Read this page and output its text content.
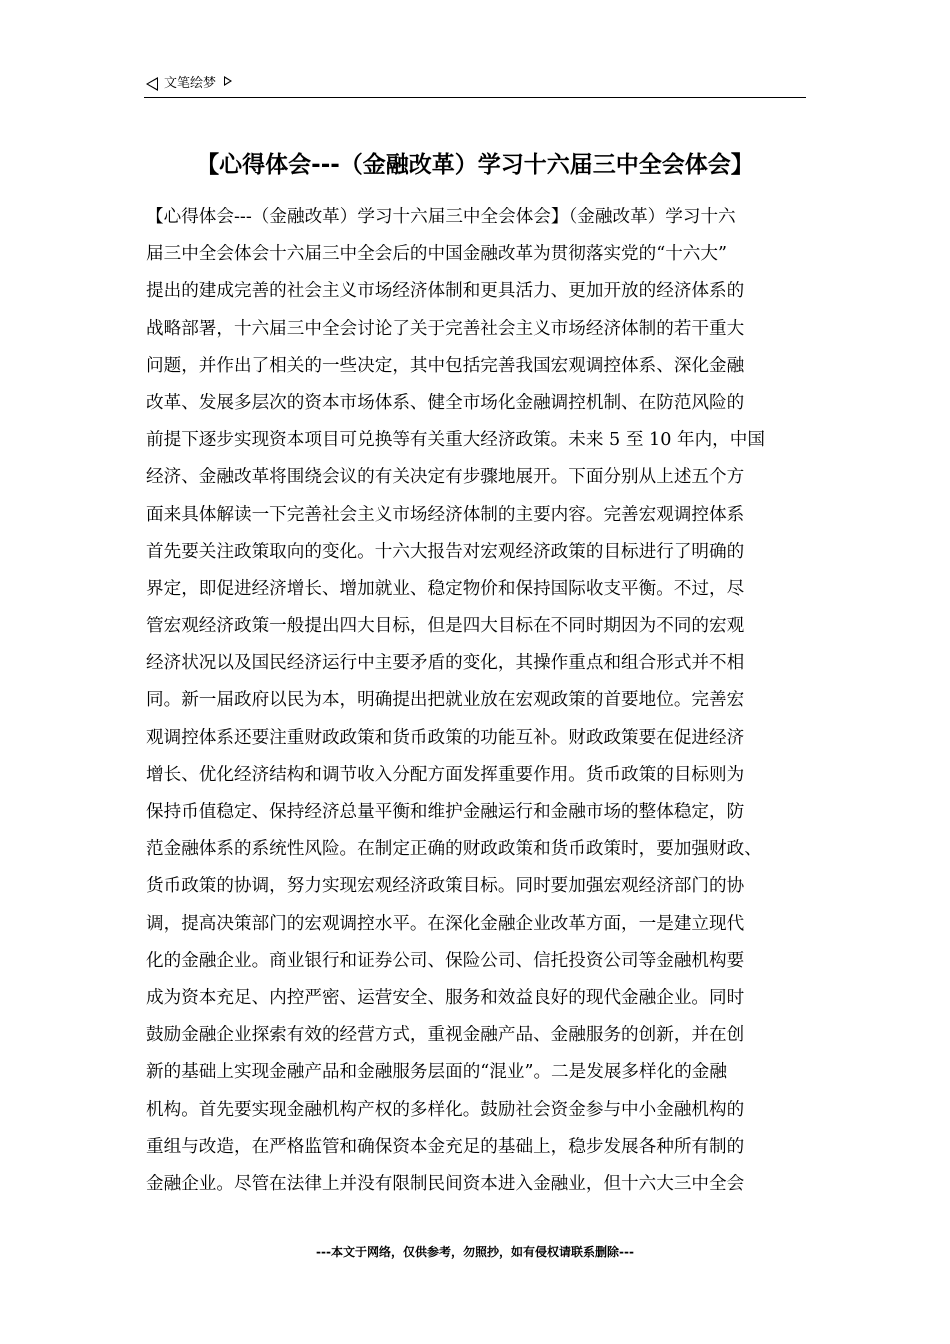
文笔绘梦
【心得体会---（金融改革）学习十六届三中全会体会】
【心得体会---（金融改革）学习十六届三中全会体会】（金融改革）学习十六
届三中全会体会十六届三中全会后的中国金融改革为贯彻落实党的“十六大”
提出的建成完善的社会主义市场经济体制和更具活力、更加开放的经济体系的
战略部署，十六届三中全会讨论了关于完善社会主义市场经济体制的若干重大
问题，并作出了相关的一些决定，其中包括完善我国宏观调控体系、深化金融
改革、发展多层次的资本市场体系、健全市场化金融调控机制、在防范风险的
前提下逐步实现资本项目可兑换等有关重大经济政策。未来 5 至 10 年内，中国
经济、金融改革将围绕会议的有关决定有步骤地展开。下面分别从上述五个方
面来具体解读一下完善社会主义市场经济体制的主要内容。完善宏观调控体系
首先要关注政策取向的变化。十六大报告对宏观经济政策的目标进行了明确的
界定，即促进经济增长、增加就业、稳定物价和保持国际收支平衡。不过，尽
管宏观经济政策一般提出四大目标，但是四大目标在不同时期因为不同的宏观
经济状况以及国民经济运行中主要矛盾的变化，其操作重点和组合形式并不相
同。新一届政府以民为本，明确提出把就业放在宏观政策的首要地位。完善宏
观调控体系还要注重财政政策和货币政策的功能互补。财政政策要在促进经济
增长、优化经济结构和调节收入分配方面发挥重要作用。货币政策的目标则为
保持币值稳定、保持经济总量平衡和维护金融运行和金融市场的整体稳定，防
范金融体系的系统性风险。在制定正确的财政政策和货币政策时，要加强财政、
货币政策的协调，努力实现宏观经济政策目标。同时要加强宏观经济部门的协
调，提高决策部门的宏观调控水平。在深化金融企业改革方面，一是建立现代
化的金融企业。商业银行和证券公司、保险公司、信托投资公司等金融机构要
成为资本充足、内控严密、运营安全、服务和效益良好的现代金融企业。同时
鼓励金融企业探索有效的经营方式，重视金融产品、金融服务的创新，并在创
新的基础上实现金融产品和金融服务层面的“混业”。二是发展多样化的金融
机构。首先要实现金融机构产权的多样化。鼓励社会资金参与中小金融机构的
重组与改造，在严格监管和确保资本金充足的基础上，稳步发展各种所有制的
金融企业。尽管在法律上并没有限制民间资本进入金融业，但十六大三中全会
---本文于网络，仅供参考，勿照抄，如有侵权请联系删除---
